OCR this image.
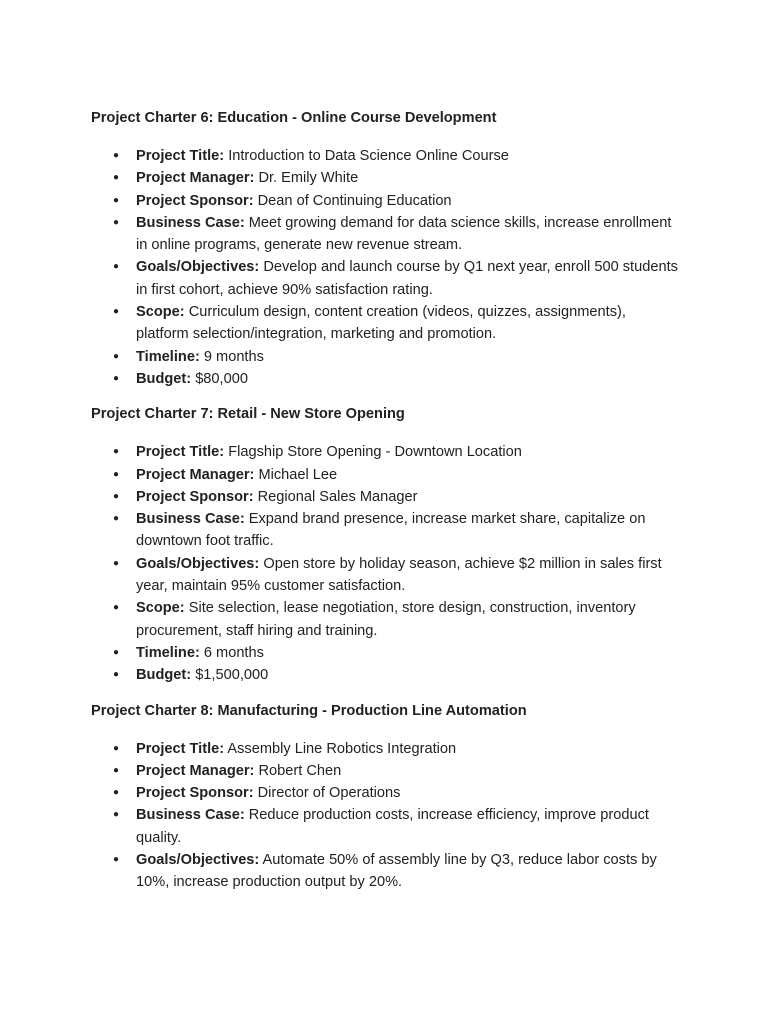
Project Charter 6: Education - Online Course Development
● Project Title: Introduction to Data Science Online Course
● Project Manager: Dr. Emily White
● Project Sponsor: Dean of Continuing Education
● Business Case: Meet growing demand for data science skills, increase enrollment in online programs, generate new revenue stream.
● Goals/Objectives: Develop and launch course by Q1 next year, enroll 500 students in first cohort, achieve 90% satisfaction rating.
● Scope: Curriculum design, content creation (videos, quizzes, assignments), platform selection/integration, marketing and promotion.
● Timeline: 9 months
● Budget: $80,000
Project Charter 7: Retail - New Store Opening
● Project Title: Flagship Store Opening - Downtown Location
● Project Manager: Michael Lee
● Project Sponsor: Regional Sales Manager
● Business Case: Expand brand presence, increase market share, capitalize on downtown foot traffic.
● Goals/Objectives: Open store by holiday season, achieve $2 million in sales first year, maintain 95% customer satisfaction.
● Scope: Site selection, lease negotiation, store design, construction, inventory procurement, staff hiring and training.
● Timeline: 6 months
● Budget: $1,500,000
Project Charter 8: Manufacturing - Production Line Automation
● Project Title: Assembly Line Robotics Integration
● Project Manager: Robert Chen
● Project Sponsor: Director of Operations
● Business Case: Reduce production costs, increase efficiency, improve product quality.
● Goals/Objectives: Automate 50% of assembly line by Q3, reduce labor costs by 10%, increase production output by 20%.
